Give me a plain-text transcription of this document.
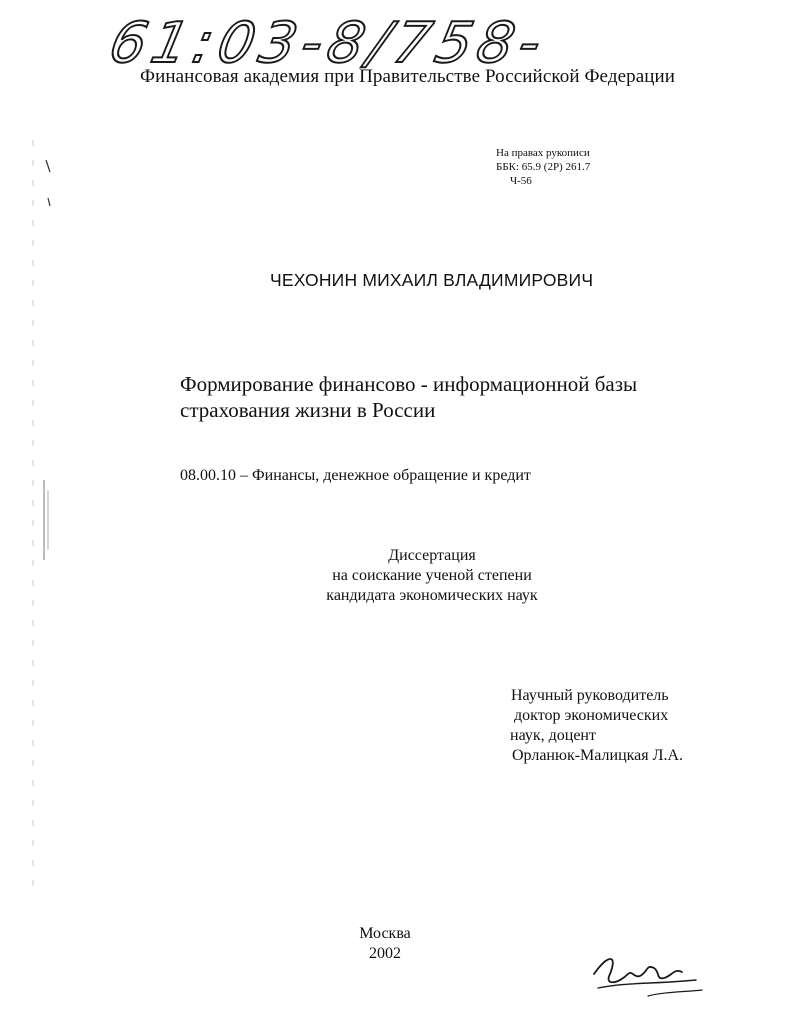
61:03-8/758-7
Финансовая академия при Правительстве Российской Федерации
На правах рукописи
ББК: 65.9 (2Р) 261.7
Ч-56
ЧЕХОНИН МИХАИЛ ВЛАДИМИРОВИЧ
Формирование финансово - информационной базы
страхования жизни в России
08.00.10 – Финансы, денежное обращение и кредит
Диссертация
на соискание ученой степени
кандидата экономических наук
Научный руководитель
доктор экономических
наук, доцент
Орланюк-Малицкая Л.А.
Москва
2002
